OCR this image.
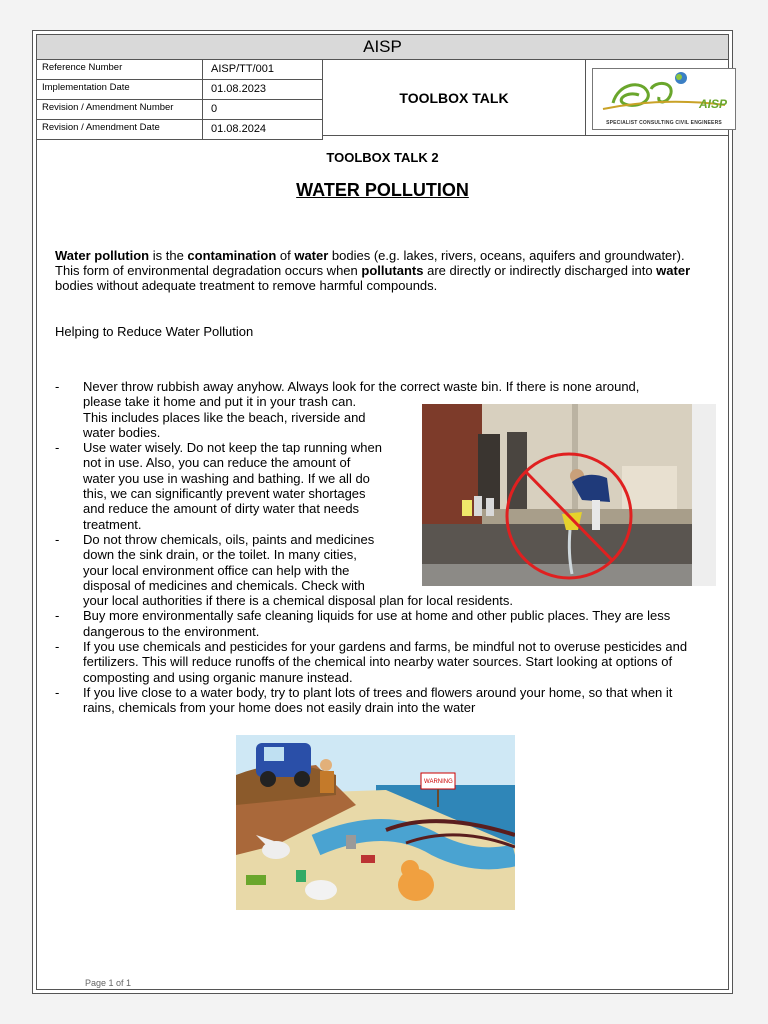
AISP
Reference Number	AISP/TT/001
Implementation Date	01.08.2023
Revision / Amendment Number	0
Revision / Amendment Date	01.08.2024
TOOLBOX TALK	AISP
SPECIALIST CONSULTING CIVIL ENGINEERS
TOOLBOX TALK 2
WATER POLLUTION
Water pollution is the contamination of water bodies (e.g. lakes, rivers, oceans, aquifers and groundwater). This form of environmental degradation occurs when pollutants are directly or indirectly discharged into water bodies without adequate treatment to remove harmful compounds.
Helping to Reduce Water Pollution
- Never throw rubbish away anyhow. Always look for the correct waste bin. If there is none around,
please take it home and put it in your trash can. This includes places like the beach, riverside and water bodies.
- Use water wisely. Do not keep the tap running when not in use. Also, you can reduce the amount of water you use in washing and bathing. If we all do this, we can significantly prevent water shortages and reduce the amount of dirty water that needs treatment.
- Do not throw chemicals, oils, paints and medicines down the sink drain, or the toilet. In many cities, your local environment office can help with the disposal of medicines and chemicals. Check with
your local authorities if there is a chemical disposal plan for local residents.
- Buy more environmentally safe cleaning liquids for use at home and other public places. They are less dangerous to the environment.
- If you use chemicals and pesticides for your gardens and farms, be mindful not to overuse pesticides and fertilizers. This will reduce runoffs of the chemical into nearby water sources. Start looking at options of composting and using organic manure instead.
- If you live close to a water body, try to plant lots of trees and flowers around your home, so that when it rains, chemicals from your home does not easily drain into the water
WARNING
Page 1 of 1
